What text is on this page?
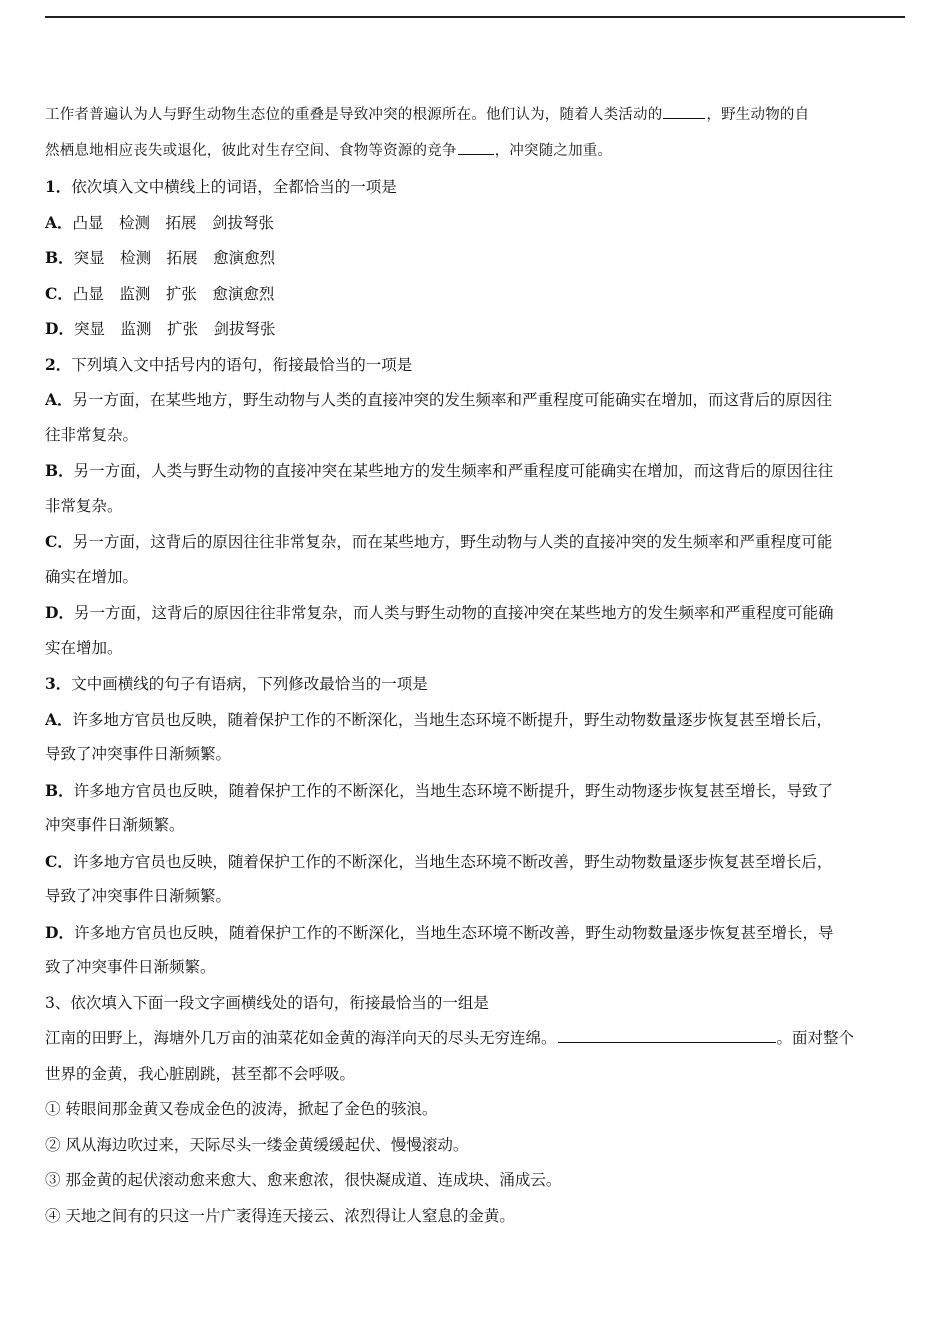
工作者普遍认为人与野生动物生态位的重叠是导致冲突的根源所在。他们认为，随着人类活动的	，野生动物的自
然栖息地相应丧失或退化，彼此对生存空间、食物等资源的竞争	，冲突随之加重。
1．依次填入文中横线上的词语，全都恰当的一项是
A．凸显　检测　拓展　剑拔弩张
B．突显　检测　拓展　愈演愈烈
C．凸显　监测　扩张　愈演愈烈
D．突显　监测　扩张　剑拔弩张
2．下列填入文中括号内的语句，衔接最恰当的一项是
A．另一方面，在某些地方，野生动物与人类的直接冲突的发生频率和严重程度可能确实在增加，而这背后的原因往
往非常复杂。
B．另一方面，人类与野生动物的直接冲突在某些地方的发生频率和严重程度可能确实在增加，而这背后的原因往往
非常复杂。
C．另一方面，这背后的原因往往非常复杂，而在某些地方，野生动物与人类的直接冲突的发生频率和严重程度可能
确实在增加。
D．另一方面，这背后的原因往往非常复杂，而人类与野生动物的直接冲突在某些地方的发生频率和严重程度可能确
实在增加。
3．文中画横线的句子有语病，下列修改最恰当的一项是
A．许多地方官员也反映，随着保护工作的不断深化，当地生态环境不断提升，野生动物数量逐步恢复甚至增长后，
导致了冲突事件日渐频繁。
B．许多地方官员也反映，随着保护工作的不断深化，当地生态环境不断提升，野生动物逐步恢复甚至增长，导致了
冲突事件日渐频繁。
C．许多地方官员也反映，随着保护工作的不断深化，当地生态环境不断改善，野生动物数量逐步恢复甚至增长后，
导致了冲突事件日渐频繁。
D．许多地方官员也反映，随着保护工作的不断深化，当地生态环境不断改善，野生动物数量逐步恢复甚至增长，导
致了冲突事件日渐频繁。
3、依次填入下面一段文字画横线处的语句，衔接最恰当的一组是
江南的田野上，海塘外几万亩的油菜花如金黄的海洋向天的尽头无穷连绵。	。面对整个
世界的金黄，我心脏剧跳，甚至都不会呼吸。
① 转眼间那金黄又卷成金色的波涛，掀起了金色的骇浪。
② 风从海边吹过来，天际尽头一缕金黄缓缓起伏、慢慢滚动。
③ 那金黄的起伏滚动愈来愈大、愈来愈浓，很快凝成道、连成块、涌成云。
④ 天地之间有的只这一片广袤得连天接云、浓烈得让人窒息的金黄。
